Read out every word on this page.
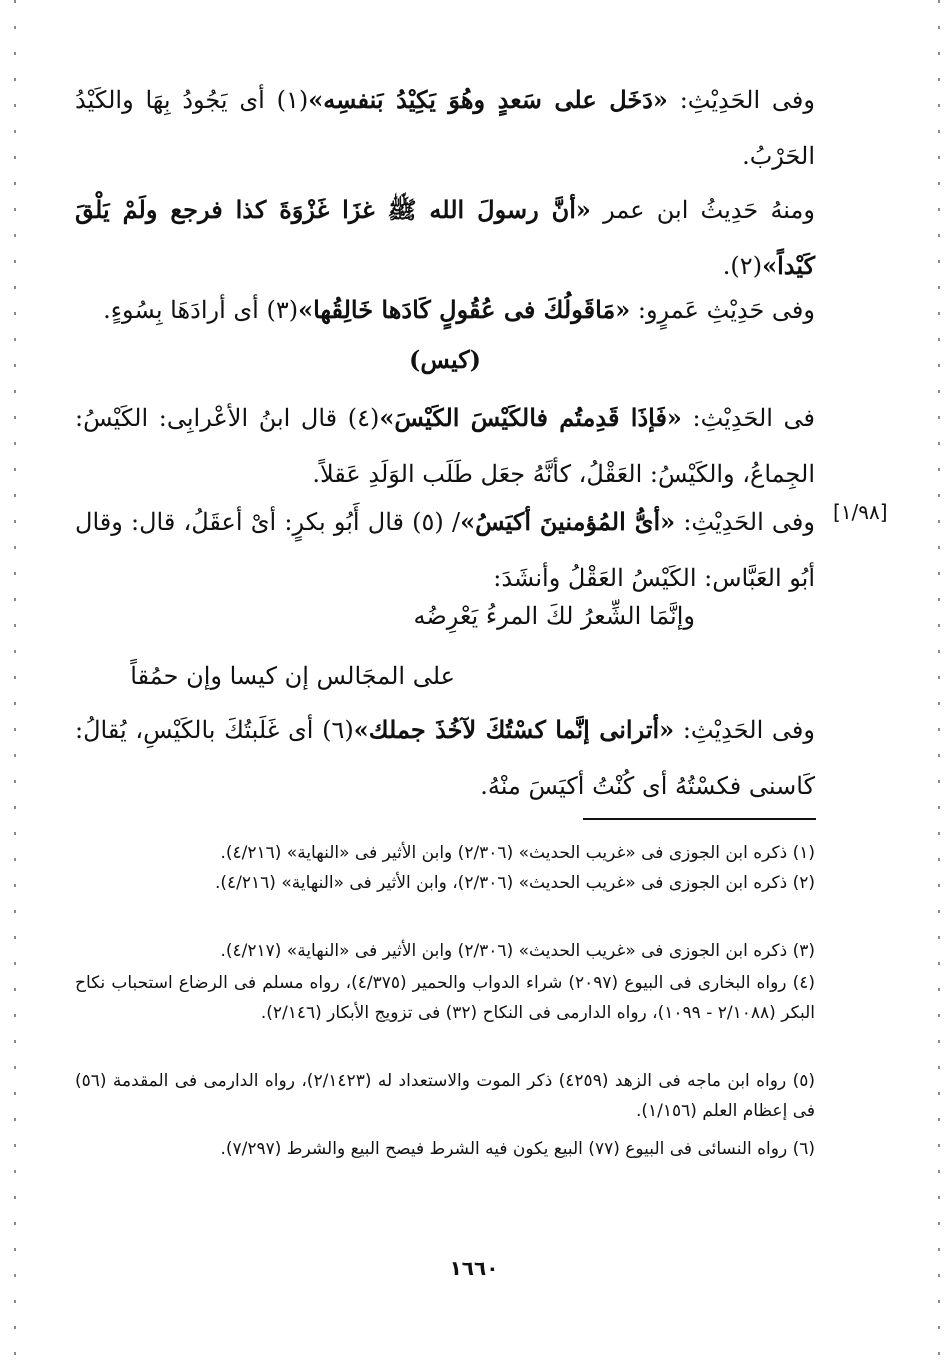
[١/٩٨]
وفى الحَدِيْثِ: «دَخَل على سَعدٍ وهُوَ يَكِيْدُ بَنفسِه»(١) أى يَجُودُ بِهَا والكَيْدُ الحَرْبُ.
ومنهُ حَدِيثُ ابن عمر «أنَّ رسولَ الله ﷺ غزَا غَزْوَةَ كذا فرجع ولَمْ يَلْقَ كَيْداً»(٢).
وفى حَدِيْثِ عَمرٍو: «مَاقَولُكَ فى عُقُولٍ كَادَها خَالِقُها»(٣) أى أرادَهَا بِسُوءٍ.
(كيس)
فى الحَدِيْثِ: «فَإذَا قَدِمتُم فالكَيْسَ الكَيْسَ»(٤) قال ابنُ الأعْرابِى: الكَيْسُ: الجِماعُ، والكَيْسُ: العَقْلُ، كأنَّهُ جعَل طَلَب الوَلَدِ عَقلاً.
وفى الحَدِيْثِ: «أىُّ المُؤمنينَ أكيَسُ»/ (٥) قال أَبُو بكرٍ: أىْ أعقَلُ، قال: وقال أبُو العَبَّاس: الكَيْسُ العَقْلُ وأنشَدَ:
وإنَّمَا الشِّعرُ لكَ المرءُ يَعْرِضُه
على المجَالس إن كيسا وإن حمُقاً
وفى الحَدِيْثِ: «أترانى إنَّما كسْتُكَ لآخُذَ جملك»(٦) أى غَلَبتُكَ بالكَيْسِ، يُقالُ: كَاسنى فكسْتُهُ أى كُنْتُ أكيَسَ منْهُ.
(١) ذكره ابن الجوزى فى «غريب الحديث» (٢/٣٠٦) وابن الأثير فى «النهاية» (٤/٢١٦).
(٢) ذكره ابن الجوزى فى «غريب الحديث» (٢/٣٠٦)، وابن الأثير فى «النهاية» (٤/٢١٦).
(٣) ذكره ابن الجوزى فى «غريب الحديث» (٢/٣٠٦) وابن الأثير فى «النهاية» (٤/٢١٧).
(٤) رواه البخارى فى البيوع (٢٠٩٧) شراء الدواب والحمير (٤/٣٧٥)، رواه مسلم فى الرضاع استحباب نكاح البكر (٢/١٠٨٨ - ١٠٩٩)، رواه الدارمى فى النكاح (٣٢) فى تزويج الأبكار (٢/١٤٦).
(٥) رواه ابن ماجه فى الزهد (٤٢٥٩) ذكر الموت والاستعداد له (٢/١٤٢٣)، رواه الدارمى فى المقدمة (٥٦) فى إعظام العلم (١/١٥٦).
(٦) رواه النسائى فى البيوع (٧٧) البيع يكون فيه الشرط فيصح البيع والشرط (٧/٢٩٧).
١٦٦٠
